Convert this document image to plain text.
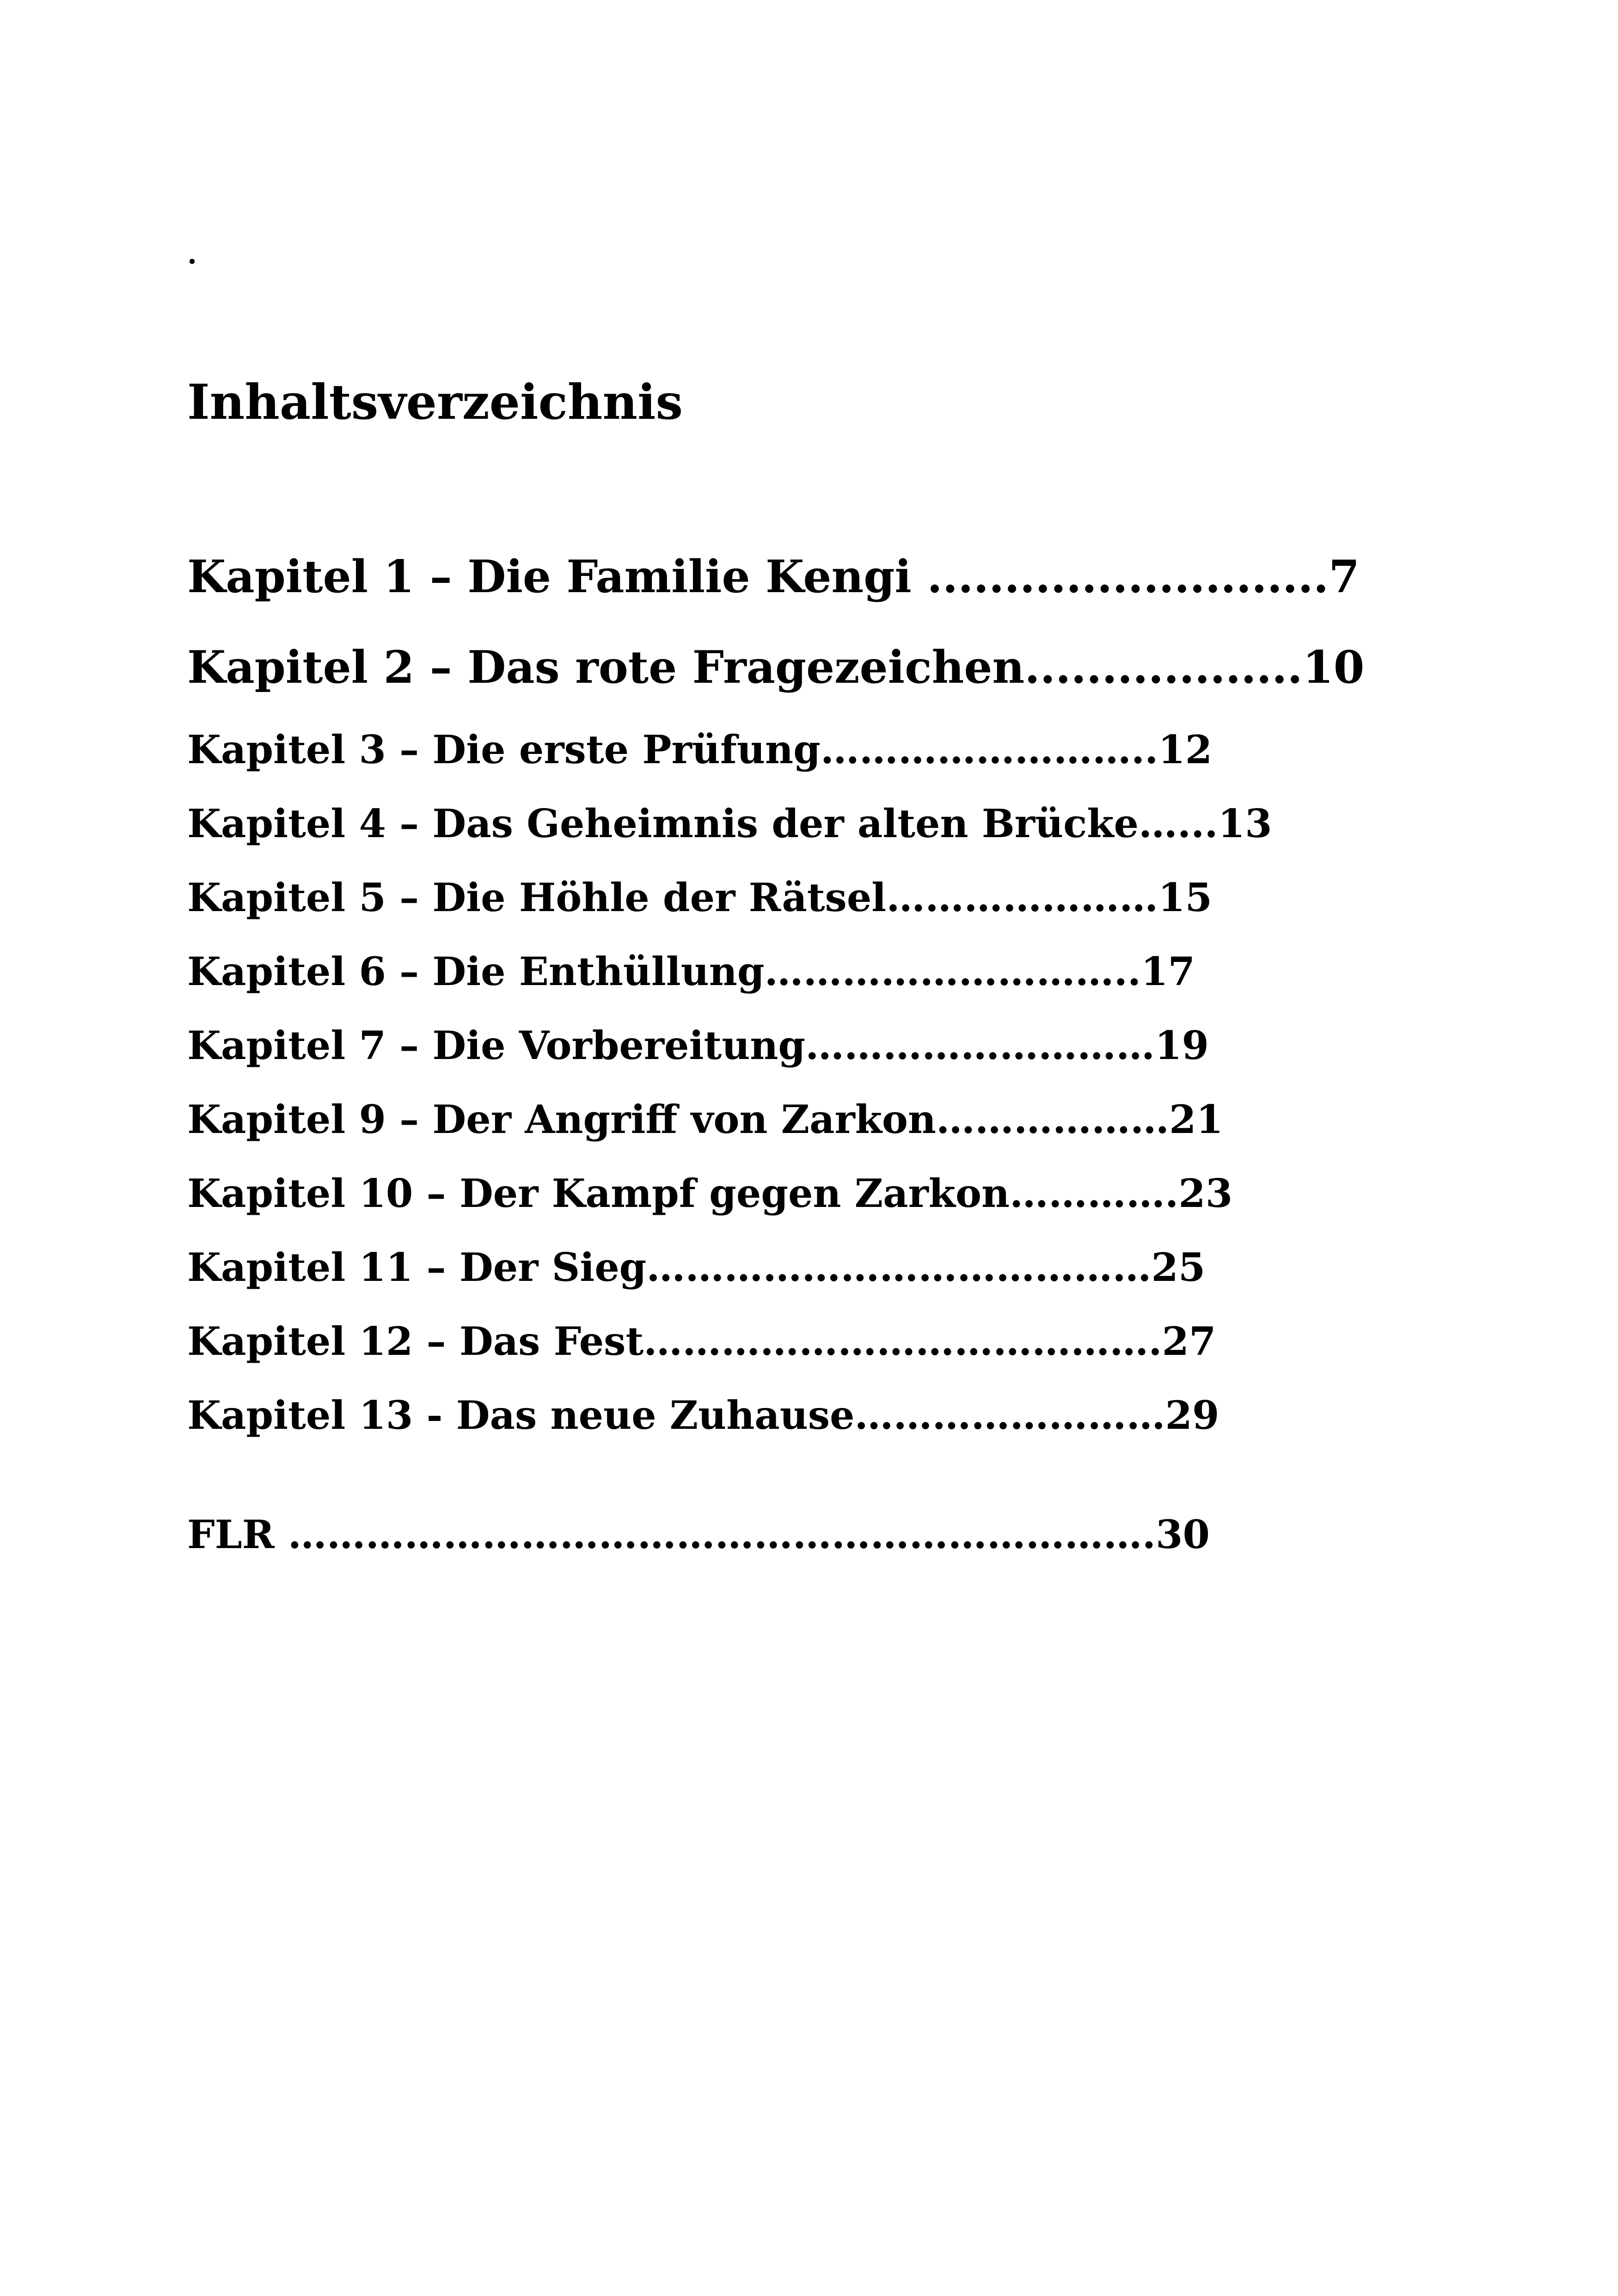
.
Inhaltsverzeichnis
Kapitel 1 – Die Familie Kengi ..........................7
Kapitel 2 – Das rote Fragezeichen..................10
Kapitel 3 – Die erste Prüfung……………………..12
Kapitel 4 – Das Geheimnis der alten Brücke…...13
Kapitel 5 – Die Höhle der Rätsel…………………15
Kapitel 6 – Die Enthüllung………………………..17
Kapitel 7 – Die Vorbereitung………………………19
Kapitel 9 – Der Angriff von Zarkon………………21
Kapitel 10 – Der Kampf gegen Zarkon………….23
Kapitel 11 – Der Sieg…………………………………25
Kapitel 12 – Das Fest………………………………….27
Kapitel 13 - Das neue Zuhause……………………29

FLR ………………………………………………………….30
